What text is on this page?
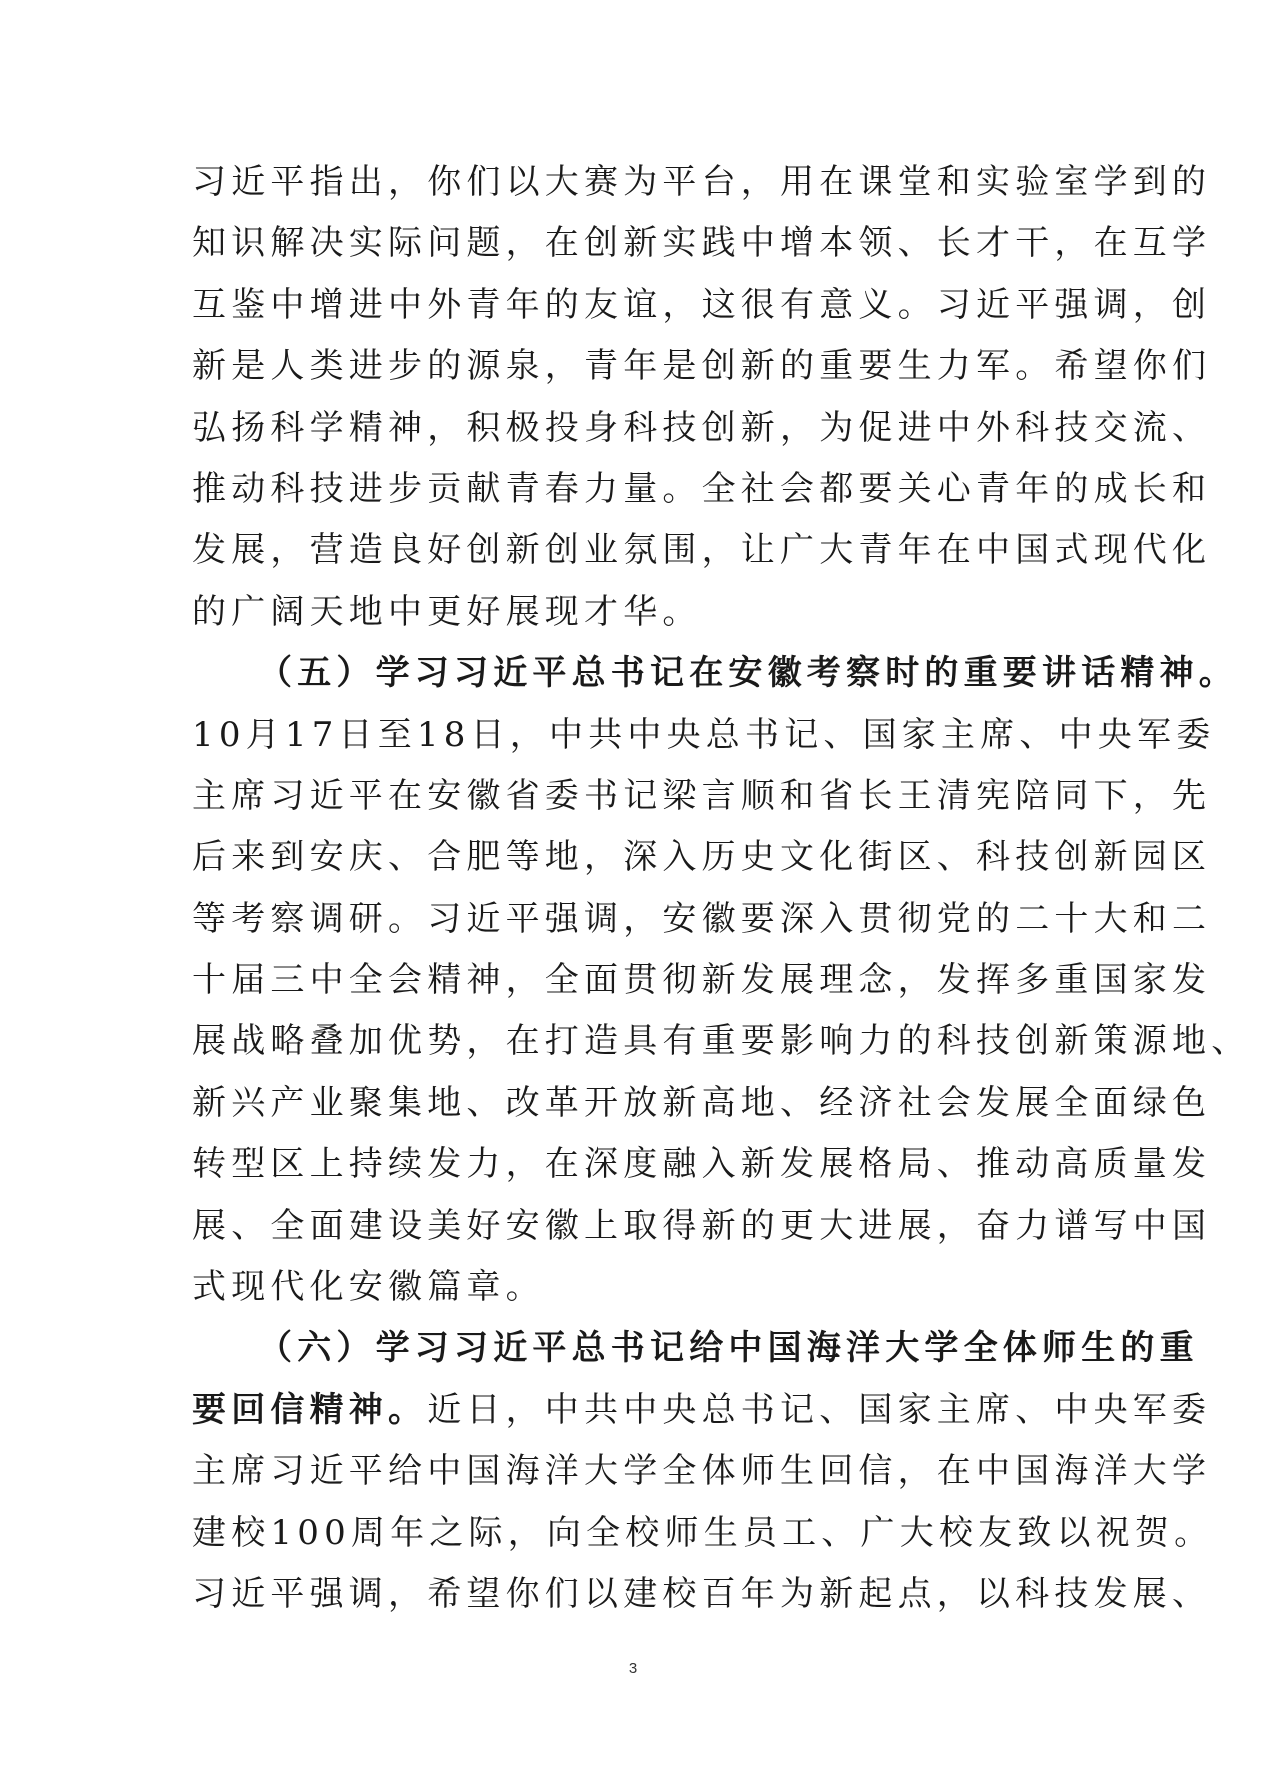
习近平指出，你们以大赛为平台，用在课堂和实验室学到的
知识解决实际问题，在创新实践中增本领、长才干，在互学
互鉴中增进中外青年的友谊，这很有意义。习近平强调，创
新是人类进步的源泉，青年是创新的重要生力军。希望你们
弘扬科学精神，积极投身科技创新，为促进中外科技交流、
推动科技进步贡献青春力量。全社会都要关心青年的成长和
发展，营造良好创新创业氛围，让广大青年在中国式现代化
的广阔天地中更好展现才华。
（五）学习习近平总书记在安徽考察时的重要讲话精神。
10月17日至18日，中共中央总书记、国家主席、中央军委
主席习近平在安徽省委书记梁言顺和省长王清宪陪同下，先
后来到安庆、合肥等地，深入历史文化街区、科技创新园区
等考察调研。习近平强调，安徽要深入贯彻党的二十大和二
十届三中全会精神，全面贯彻新发展理念，发挥多重国家发
展战略叠加优势，在打造具有重要影响力的科技创新策源地、
新兴产业聚集地、改革开放新高地、经济社会发展全面绿色
转型区上持续发力，在深度融入新发展格局、推动高质量发
展、全面建设美好安徽上取得新的更大进展，奋力谱写中国
式现代化安徽篇章。
（六）学习习近平总书记给中国海洋大学全体师生的重
要回信精神。近日，中共中央总书记、国家主席、中央军委
主席习近平给中国海洋大学全体师生回信，在中国海洋大学
建校100周年之际，向全校师生员工、广大校友致以祝贺。
习近平强调，希望你们以建校百年为新起点，以科技发展、
3
